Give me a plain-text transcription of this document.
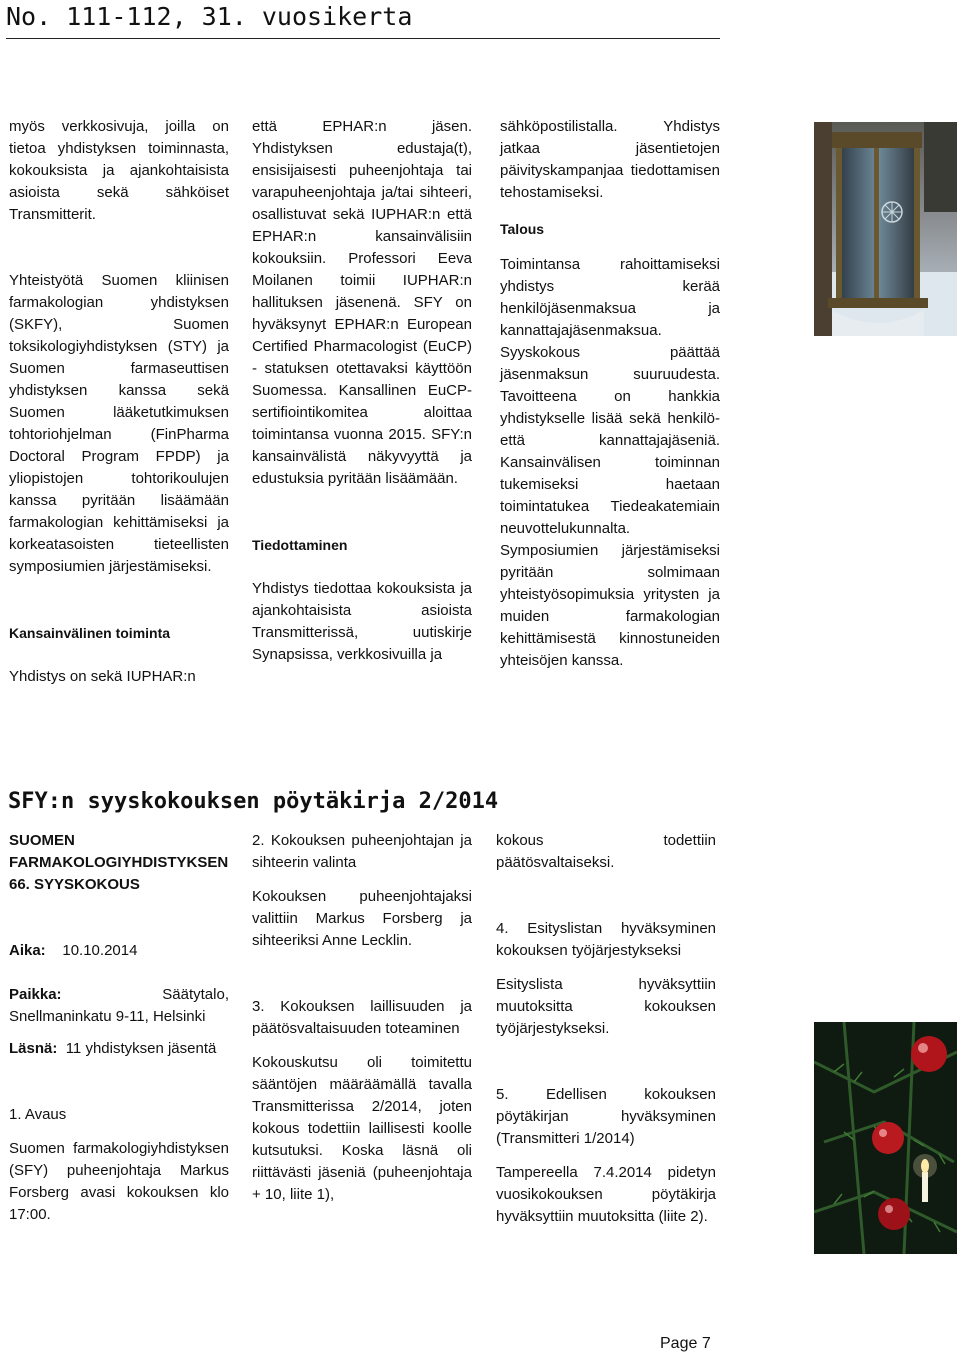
No. 111-112, 31. vuosikerta

myös verkkosivuja, joilla on tietoa yhdistyksen toiminnasta, kokouksista ja ajankohtaisista asioista sekä sähköiset Transmitterit.

Yhteistyötä Suomen kliinisen farmakologian yhdistyksen (SKFY), Suomen toksikologiyhdistyksen (STY) ja Suomen farmaseuttisen yhdistyksen kanssa sekä Suomen lääketutkimuksen tohtoriohjelman (FinPharma Doctoral Program FPDP) ja yliopistojen tohtorikoulujen kanssa pyritään lisäämään farmakologian kehittämiseksi ja korkeatasoisten tieteellisten symposiumien järjestämiseksi.

Kansainvälinen toiminta

Yhdistys on sekä IUPHAR:n

että EPHAR:n jäsen. Yhdistyksen edustaja(t), ensisijaisesti puheenjohtaja tai varapuheenjohtaja ja/tai sihteeri, osallistuvat sekä IUPHAR:n että EPHAR:n kansainvälisiin kokouksiin. Professori Eeva Moilanen toimii IUPHAR:n hallituksen jäsenenä. SFY on hyväksynyt EPHAR:n European Certified Pharmacologist (EuCP) - statuksen otettavaksi käyttöön Suomessa. Kansallinen EuCP-sertifiointikomitea aloittaa toimintansa vuonna 2015. SFY:n kansainvälistä näkyvyyttä ja edustuksia pyritään lisäämään.

Tiedottaminen

Yhdistys tiedottaa kokouksista ja ajankohtaisista asioista Transmitterissä, uutiskirje Synapsissa, verkkosivuilla ja

sähköpostilistalla. Yhdistys jatkaa jäsentietojen päivityskampanjaa tiedottamisen tehostamiseksi.

Talous

Toimintansa rahoittamiseksi yhdistys kerää henkilöjäsenmaksua ja kannattajajäsenmaksua. Syyskokous päättää jäsenmaksun suuruudesta. Tavoitteena on hankkia yhdistykselle lisää sekä henkilö- että kannattajajäseniä. Kansainvälisen toiminnan tukemiseksi haetaan toimintatukea Tiedeakatemiain neuvottelukunnalta. Symposiumien järjestämiseksi pyritään solmimaan yhteistyösopimuksia yritysten ja muiden farmakologian kehittämisestä kinnostuneiden yhteisöjen kanssa.

SFY:n syyskokouksen pöytäkirja 2/2014

SUOMEN FARMAKOLOGIYHDISTYKSEN 66. SYYSKOKOUS

Aika: 10.10.2014

Paikka:	Säätytalo, Snellmaninkatu 9-11, Helsinki

Läsnä: 11 yhdistyksen jäsentä

1. Avaus

Suomen farmakologiyhdistyksen (SFY) puheenjohtaja Markus Forsberg avasi kokouksen klo 17:00.

2. Kokouksen puheenjohtajan ja sihteerin valinta

Kokouksen puheenjohtajaksi valittiin Markus Forsberg ja sihteeriksi Anne Lecklin.

3. Kokouksen laillisuuden ja päätösvaltaisuuden toteaminen

Kokouskutsu oli toimitettu sääntöjen määräämällä tavalla Transmitterissa 2/2014, joten kokous todettiin laillisesti koolle kutsutuksi. Koska läsnä oli riittävästi jäseniä (puheenjohtaja + 10, liite 1),

kokous todettiin päätösvaltaiseksi.

4. Esityslistan hyväksyminen kokouksen työjärjestykseksi

Esityslista hyväksyttiin muutoksitta kokouksen työjärjestykseksi.

5. Edellisen kokouksen pöytäkirjan hyväksyminen (Transmitteri 1/2014)

Tampereella 7.4.2014 pidetyn vuosikokouksen pöytäkirja hyväksyttiin muutoksitta (liite 2).

Page 7
